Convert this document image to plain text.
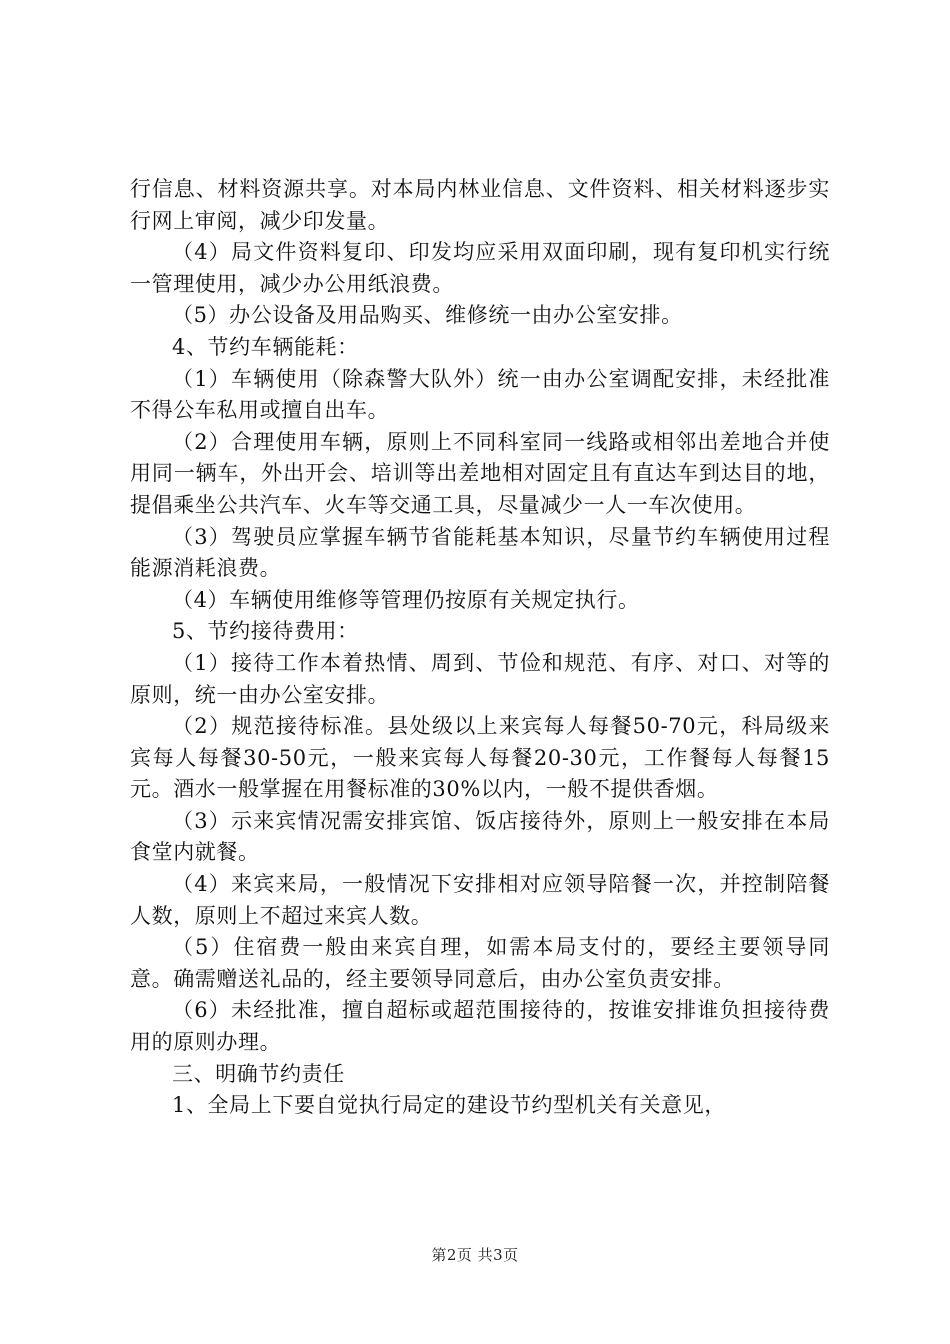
行信息、材料资源共享。对本局内林业信息、文件资料、相关材料逐步实行网上审阅，减少印发量。

（4）局文件资料复印、印发均应采用双面印刷，现有复印机实行统一管理使用，减少办公用纸浪费。

（5）办公设备及用品购买、维修统一由办公室安排。

4、节约车辆能耗：

（1）车辆使用（除森警大队外）统一由办公室调配安排，未经批准不得公车私用或擅自出车。

（2）合理使用车辆，原则上不同科室同一线路或相邻出差地合并使用同一辆车，外出开会、培训等出差地相对固定且有直达车到达目的地，提倡乘坐公共汽车、火车等交通工具，尽量减少一人一车次使用。

（3）驾驶员应掌握车辆节省能耗基本知识，尽量节约车辆使用过程能源消耗浪费。

（4）车辆使用维修等管理仍按原有关规定执行。

5、节约接待费用：

（1）接待工作本着热情、周到、节俭和规范、有序、对口、对等的原则，统一由办公室安排。

（2）规范接待标准。县处级以上来宾每人每餐50-70元，科局级来宾每人每餐30-50元，一般来宾每人每餐20-30元，工作餐每人每餐15元。酒水一般掌握在用餐标准的30%以内，一般不提供香烟。

（3）示来宾情况需安排宾馆、饭店接待外，原则上一般安排在本局食堂内就餐。

（4）来宾来局，一般情况下安排相对应领导陪餐一次，并控制陪餐人数，原则上不超过来宾人数。

（5）住宿费一般由来宾自理，如需本局支付的，要经主要领导同意。确需赠送礼品的，经主要领导同意后，由办公室负责安排。

（6）未经批准，擅自超标或超范围接待的，按谁安排谁负担接待费用的原则办理。

三、明确节约责任

1、全局上下要自觉执行局定的建设节约型机关有关意见，

第2页 共3页
